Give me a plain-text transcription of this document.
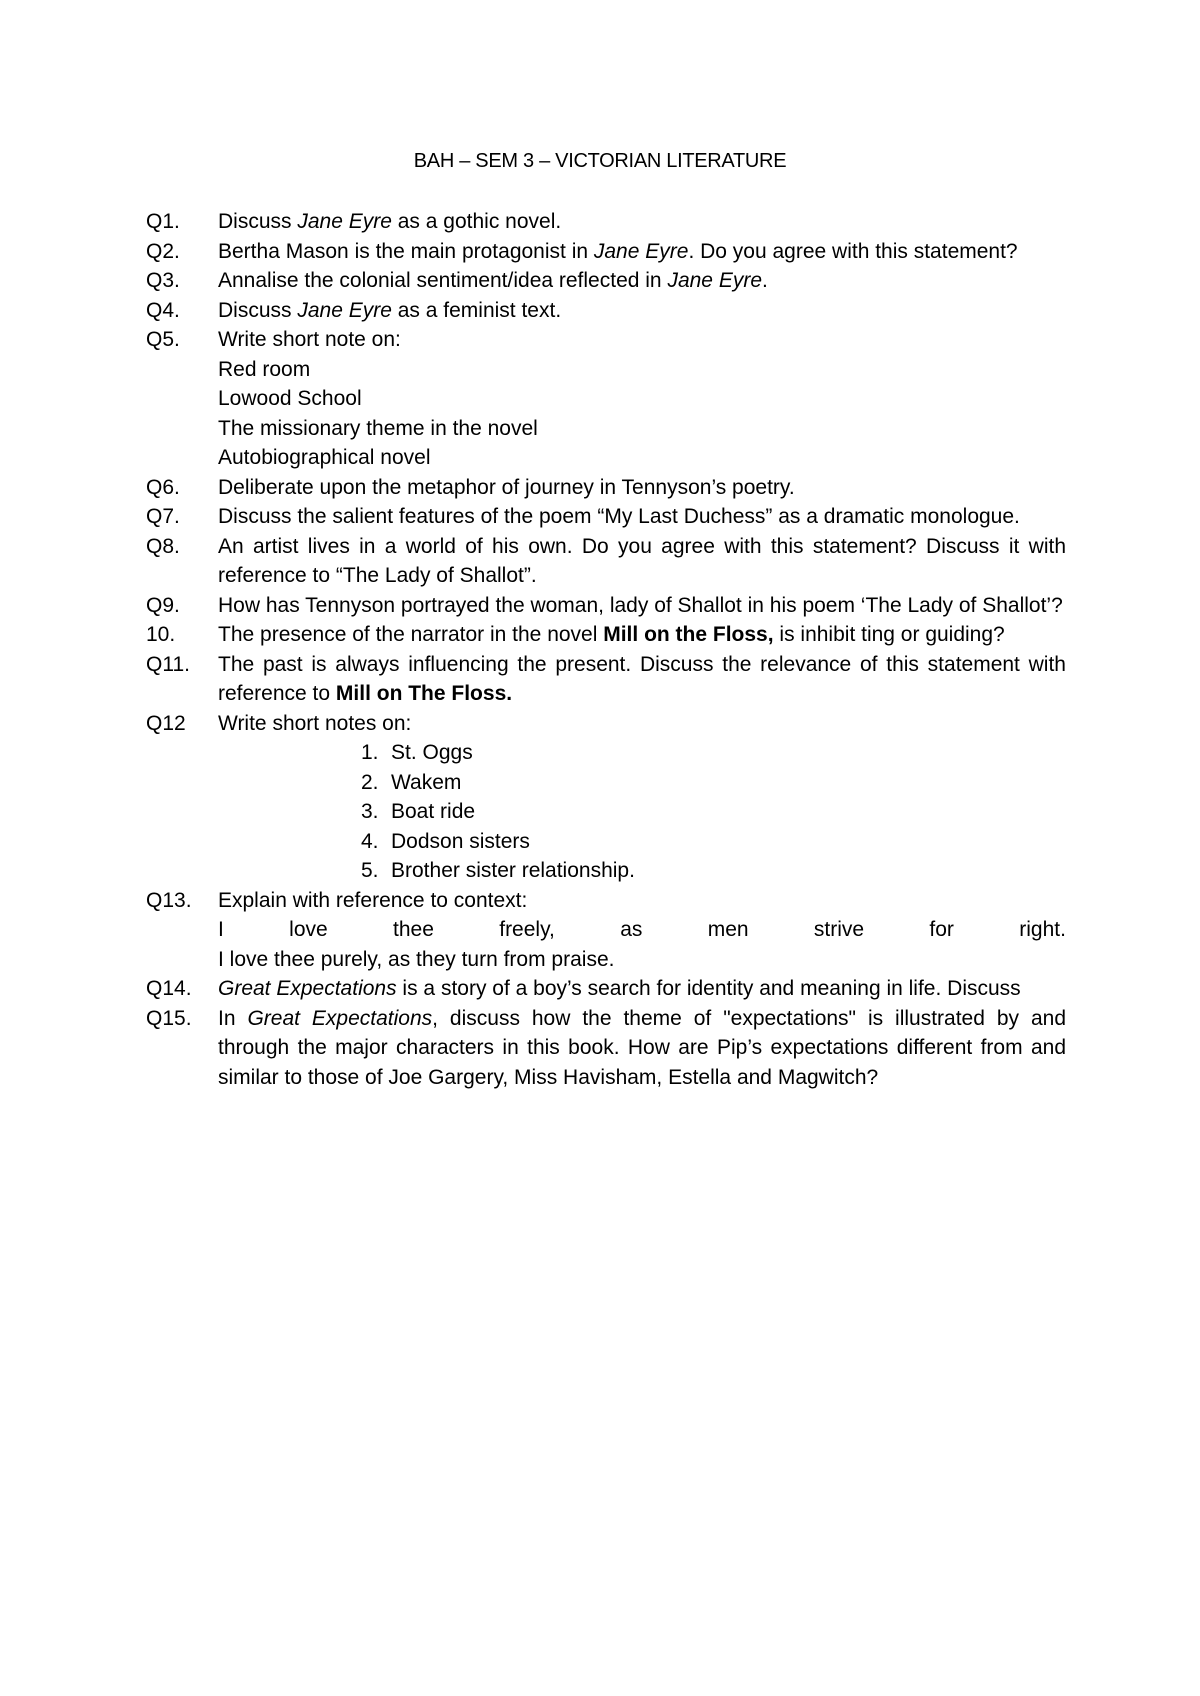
BAH – SEM 3 – VICTORIAN LITERATURE
Q1.	Discuss Jane Eyre as a gothic novel.
Q2.	Bertha Mason is the main protagonist in Jane Eyre. Do you agree with this statement?
Q3.	Annalise the colonial sentiment/idea reflected in Jane Eyre.
Q4.	Discuss Jane Eyre as a feminist text.
Q5.	Write short note on:
Red room
Lowood School
The missionary theme in the novel
Autobiographical novel
Q6.	Deliberate upon the metaphor of journey in Tennyson’s poetry.
Q7.	Discuss the salient features of the poem “My Last Duchess” as a dramatic monologue.
Q8.	An artist lives in a world of his own. Do you agree with this statement? Discuss it with reference to “The Lady of Shallot”.
Q9.	How has Tennyson portrayed the woman, lady of Shallot in his poem ‘The Lady of Shallot’?
10.	The presence of the narrator in the novel Mill on the Floss, is inhibit ting or guiding?
Q11.	The past is always influencing the present. Discuss the relevance of this statement with reference to Mill on The Floss.
Q12	Write short notes on:
1. St. Oggs
2. Wakem
3. Boat ride
4. Dodson sisters
5. Brother sister relationship.
Q13.	Explain with reference to context:
I	love	thee	freely,	as	men	strive	for	right.
I love thee purely, as they turn from praise.
Q14.	Great Expectations is a story of a boy’s search for identity and meaning in life. Discuss
Q15.	In Great Expectations, discuss how the theme of "expectations" is illustrated by and through the major characters in this book. How are Pip’s expectations different from and similar to those of Joe Gargery, Miss Havisham, Estella and Magwitch?
